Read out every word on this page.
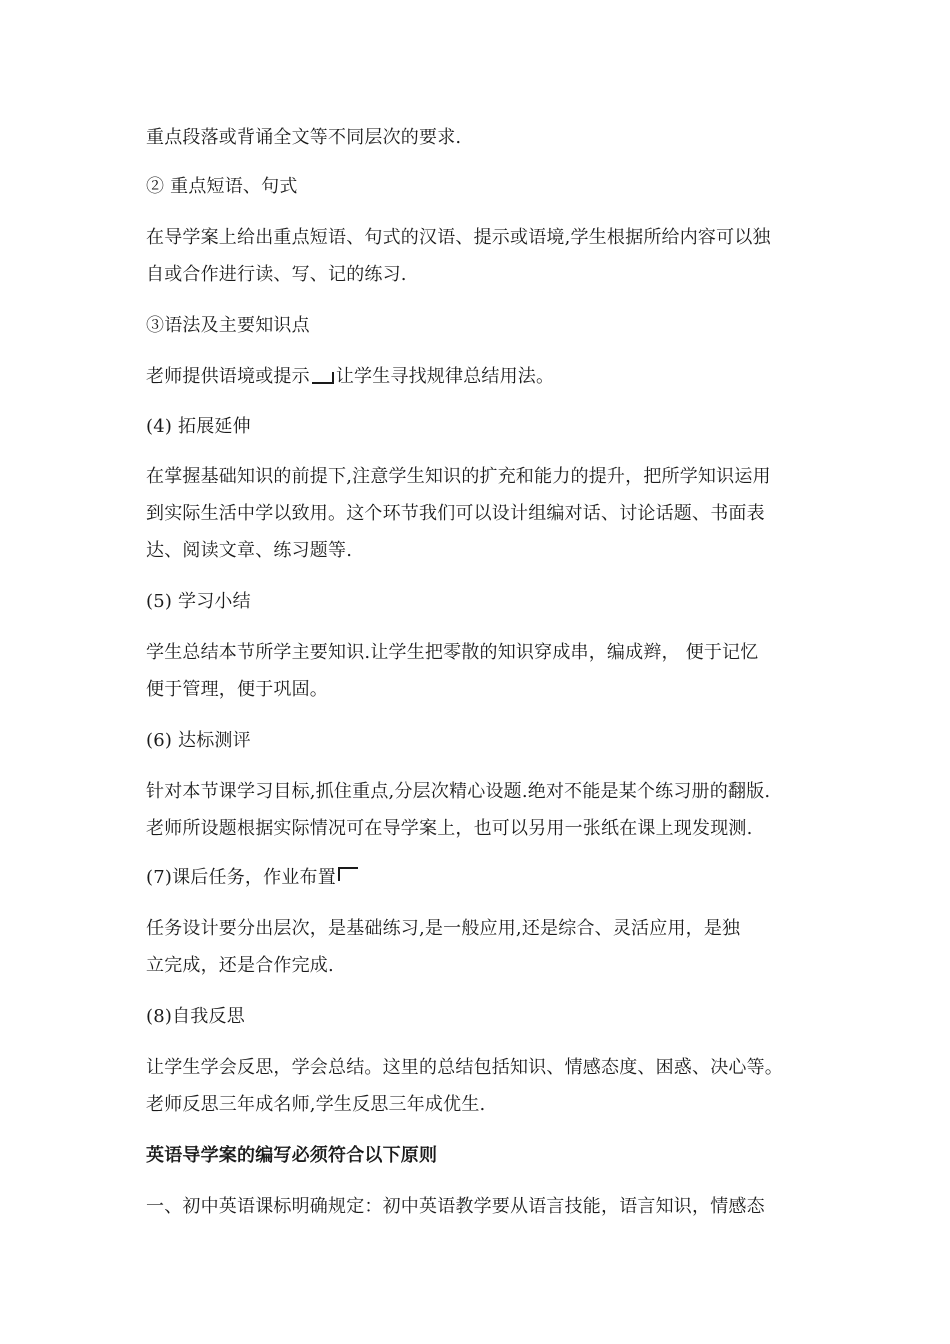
重点段落或背诵全文等不同层次的要求.
② 重点短语、句式
在导学案上给出重点短语、句式的汉语、提示或语境,学生根据所给内容可以独
自或合作进行读、写、记的练习.
③语法及主要知识点
老师提供语境或提示 让学生寻找规律总结用法。
(4) 拓展延伸
在掌握基础知识的前提下,注意学生知识的扩充和能力的提升，把所学知识运用
到实际生活中学以致用。这个环节我们可以设计组编对话、讨论话题、书面表
达、阅读文章、练习题等.
(5) 学习小结
学生总结本节所学主要知识.让学生把零散的知识穿成串，编成辫， 便于记忆
便于管理，便于巩固。
(6) 达标测评
针对本节课学习目标,抓住重点,分层次精心设题.绝对不能是某个练习册的翻版.
老师所设题根据实际情况可在导学案上，也可以另用一张纸在课上现发现测.
(7)课后任务，作业布置
任务设计要分出层次，是基础练习,是一般应用,还是综合、灵活应用，是独
立完成，还是合作完成.
(8)自我反思
让学生学会反思，学会总结。这里的总结包括知识、情感态度、困惑、决心等。
老师反思三年成名师,学生反思三年成优生.
英语导学案的编写必须符合以下原则
一、初中英语课标明确规定：初中英语教学要从语言技能，语言知识，情感态
